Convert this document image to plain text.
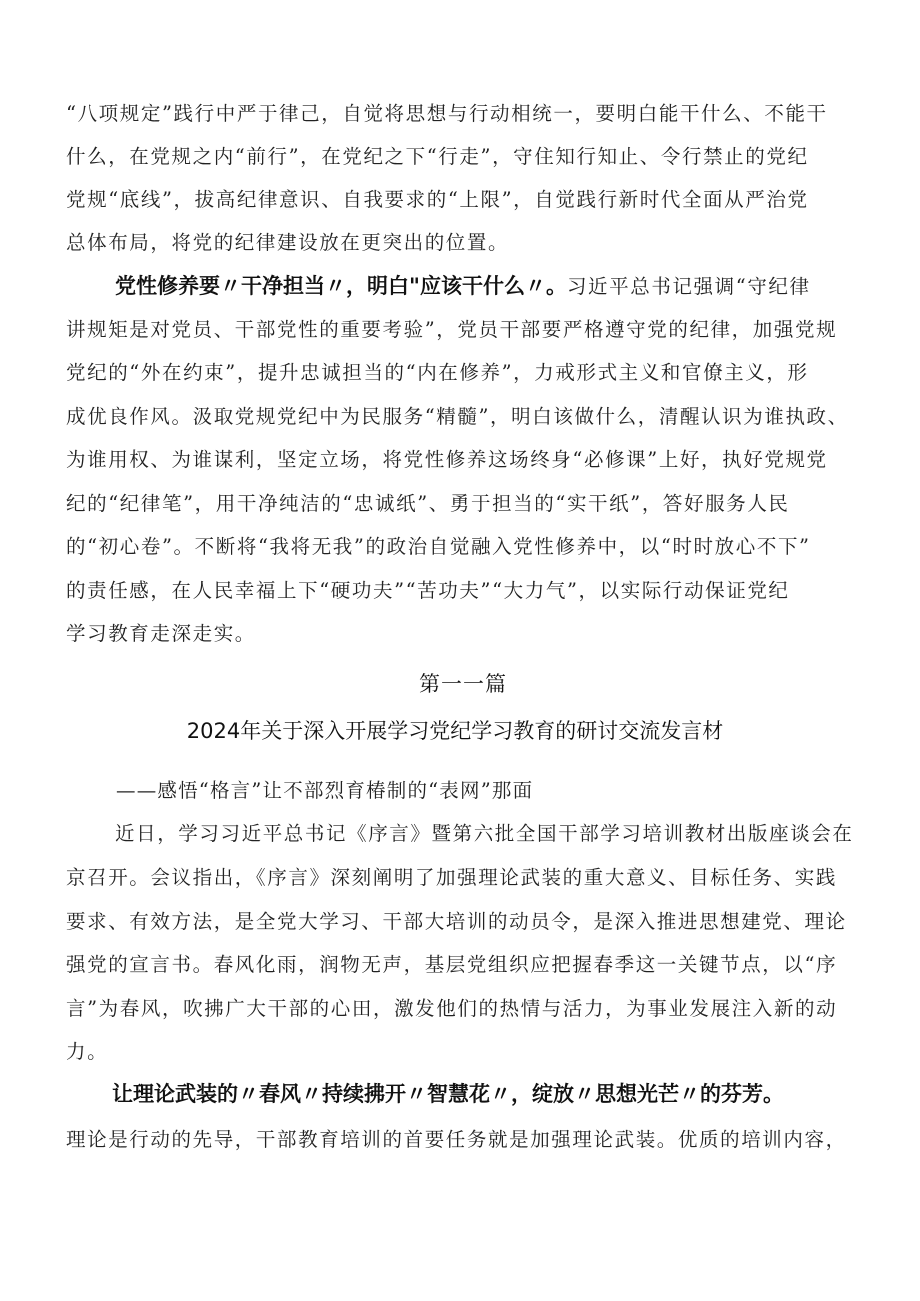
“八项规定”践行中严于律己，自觉将思想与行动相统一，要明白能干什么、不能干
什么，在党规之内“前行”，在党纪之下“行走”，守住知行知止、令行禁止的党纪
党规“底线”，拔高纪律意识、自我要求的“上限”，自觉践行新时代全面从严治党
总体布局，将党的纪律建设放在更突出的位置。
党性修养要〃干净担当〃，明白"应该干什么〃。习近平总书记强调“守纪律
讲规矩是对党员、干部党性的重要考验”，党员干部要严格遵守党的纪律，加强党规
党纪的“外在约束”，提升忠诚担当的“内在修养”，力戒形式主义和官僚主义，形
成优良作风。汲取党规党纪中为民服务“精髓”，明白该做什么，清醒认识为谁执政、
为谁用权、为谁谋利，坚定立场，将党性修养这场终身“必修课”上好，执好党规党
纪的“纪律笔”，用干净纯洁的“忠诚纸”、勇于担当的“实干纸”，答好服务人民
的“初心卷”。不断将“我将无我”的政治自觉融入党性修养中，以“时时放心不下”
的责任感，在人民幸福上下“硬功夫”“苦功夫”“大力气”，以实际行动保证党纪
学习教育走深走实。
第一一篇
2024年关于深入开展学习党纪学习教育的研讨交流发言材
——感悟“格言”让不部烈育椿制的“表网”那面
近日，学习习近平总书记《序言》暨第六批全国干部学习培训教材出版座谈会在
京召开。会议指出，《序言》深刻阐明了加强理论武装的重大意义、目标任务、实践
要求、有效方法，是全党大学习、干部大培训的动员令，是深入推进思想建党、理论
强党的宣言书。春风化雨，润物无声，基层党组织应把握春季这一关键节点，以“序
言”为春风，吹拂广大干部的心田，激发他们的热情与活力，为事业发展注入新的动
力。
让理论武装的〃春风〃持续拂开〃智慧花〃，绽放〃思想光芒〃的芬芳。
理论是行动的先导，干部教育培训的首要任务就是加强理论武装。优质的培训内容，
